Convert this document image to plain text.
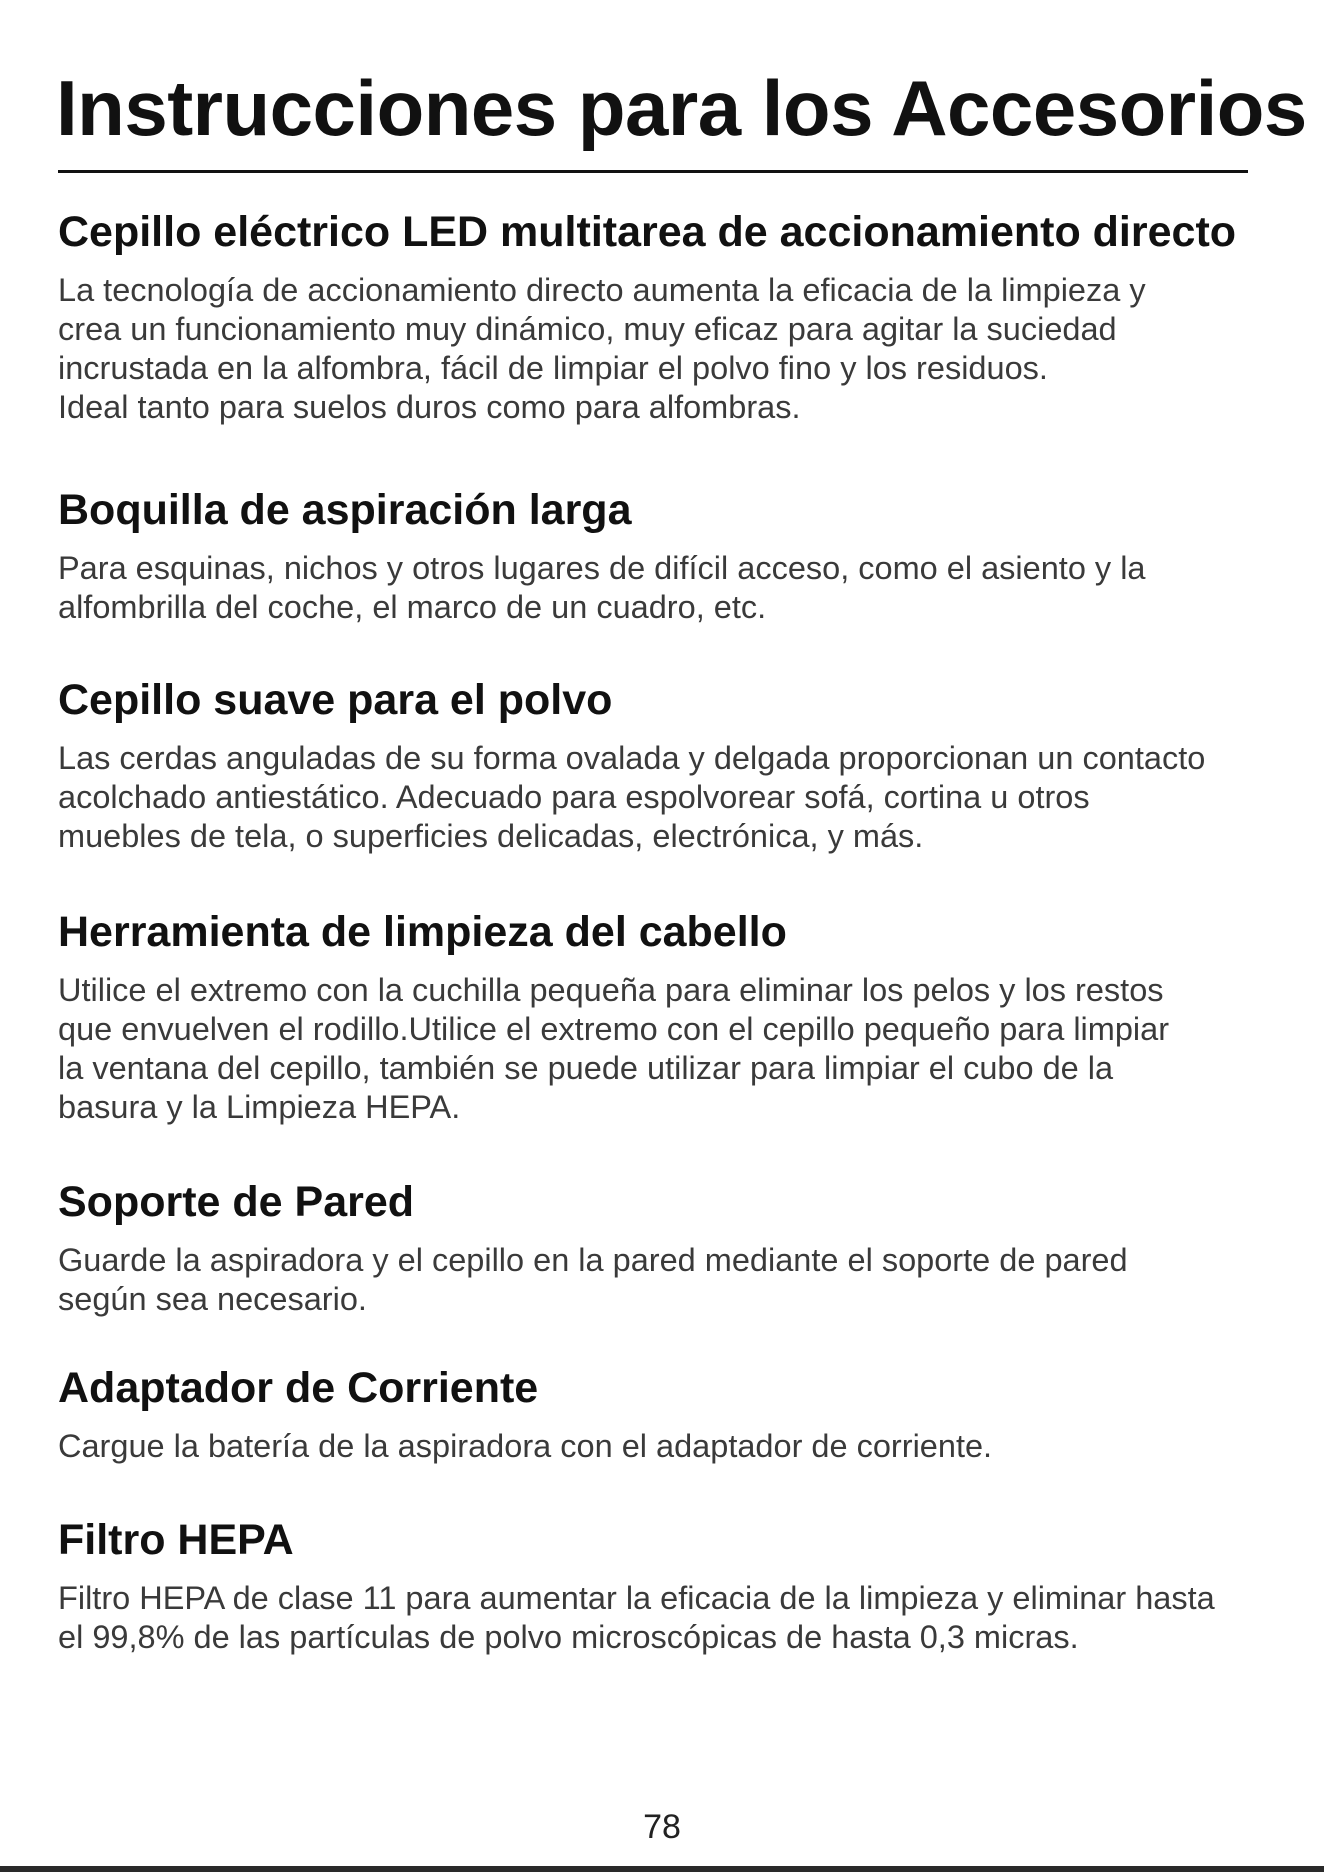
Instrucciones para los Accesorios
Cepillo eléctrico LED multitarea de accionamiento directo

La tecnología de accionamiento directo aumenta la eficacia de la limpieza y
crea un funcionamiento muy dinámico, muy eficaz para agitar la suciedad
incrustada en la alfombra, fácil de limpiar el polvo fino y los residuos.
Ideal tanto para suelos duros como para alfombras.

Boquilla de aspiración larga

Para esquinas, nichos y otros lugares de difícil acceso, como el asiento y la
alfombrilla del coche, el marco de un cuadro, etc.

Cepillo suave para el polvo

Las cerdas anguladas de su forma ovalada y delgada proporcionan un contacto
acolchado antiestático. Adecuado para espolvorear sofá, cortina u otros
muebles de tela, o superficies delicadas, electrónica, y más.

Herramienta de limpieza del cabello

Utilice el extremo con la cuchilla pequeña para eliminar los pelos y los restos
que envuelven el rodillo.Utilice el extremo con el cepillo pequeño para limpiar
la ventana del cepillo, también se puede utilizar para limpiar el cubo de la
basura y la Limpieza HEPA.

Soporte de Pared

Guarde la aspiradora y el cepillo en la pared mediante el soporte de pared
según sea necesario.

Adaptador de Corriente

Cargue la batería de la aspiradora con el adaptador de corriente.

Filtro HEPA

Filtro HEPA de clase 11 para aumentar la eficacia de la limpieza y eliminar hasta
el 99,8% de las partículas de polvo microscópicas de hasta 0,3 micras.

78
